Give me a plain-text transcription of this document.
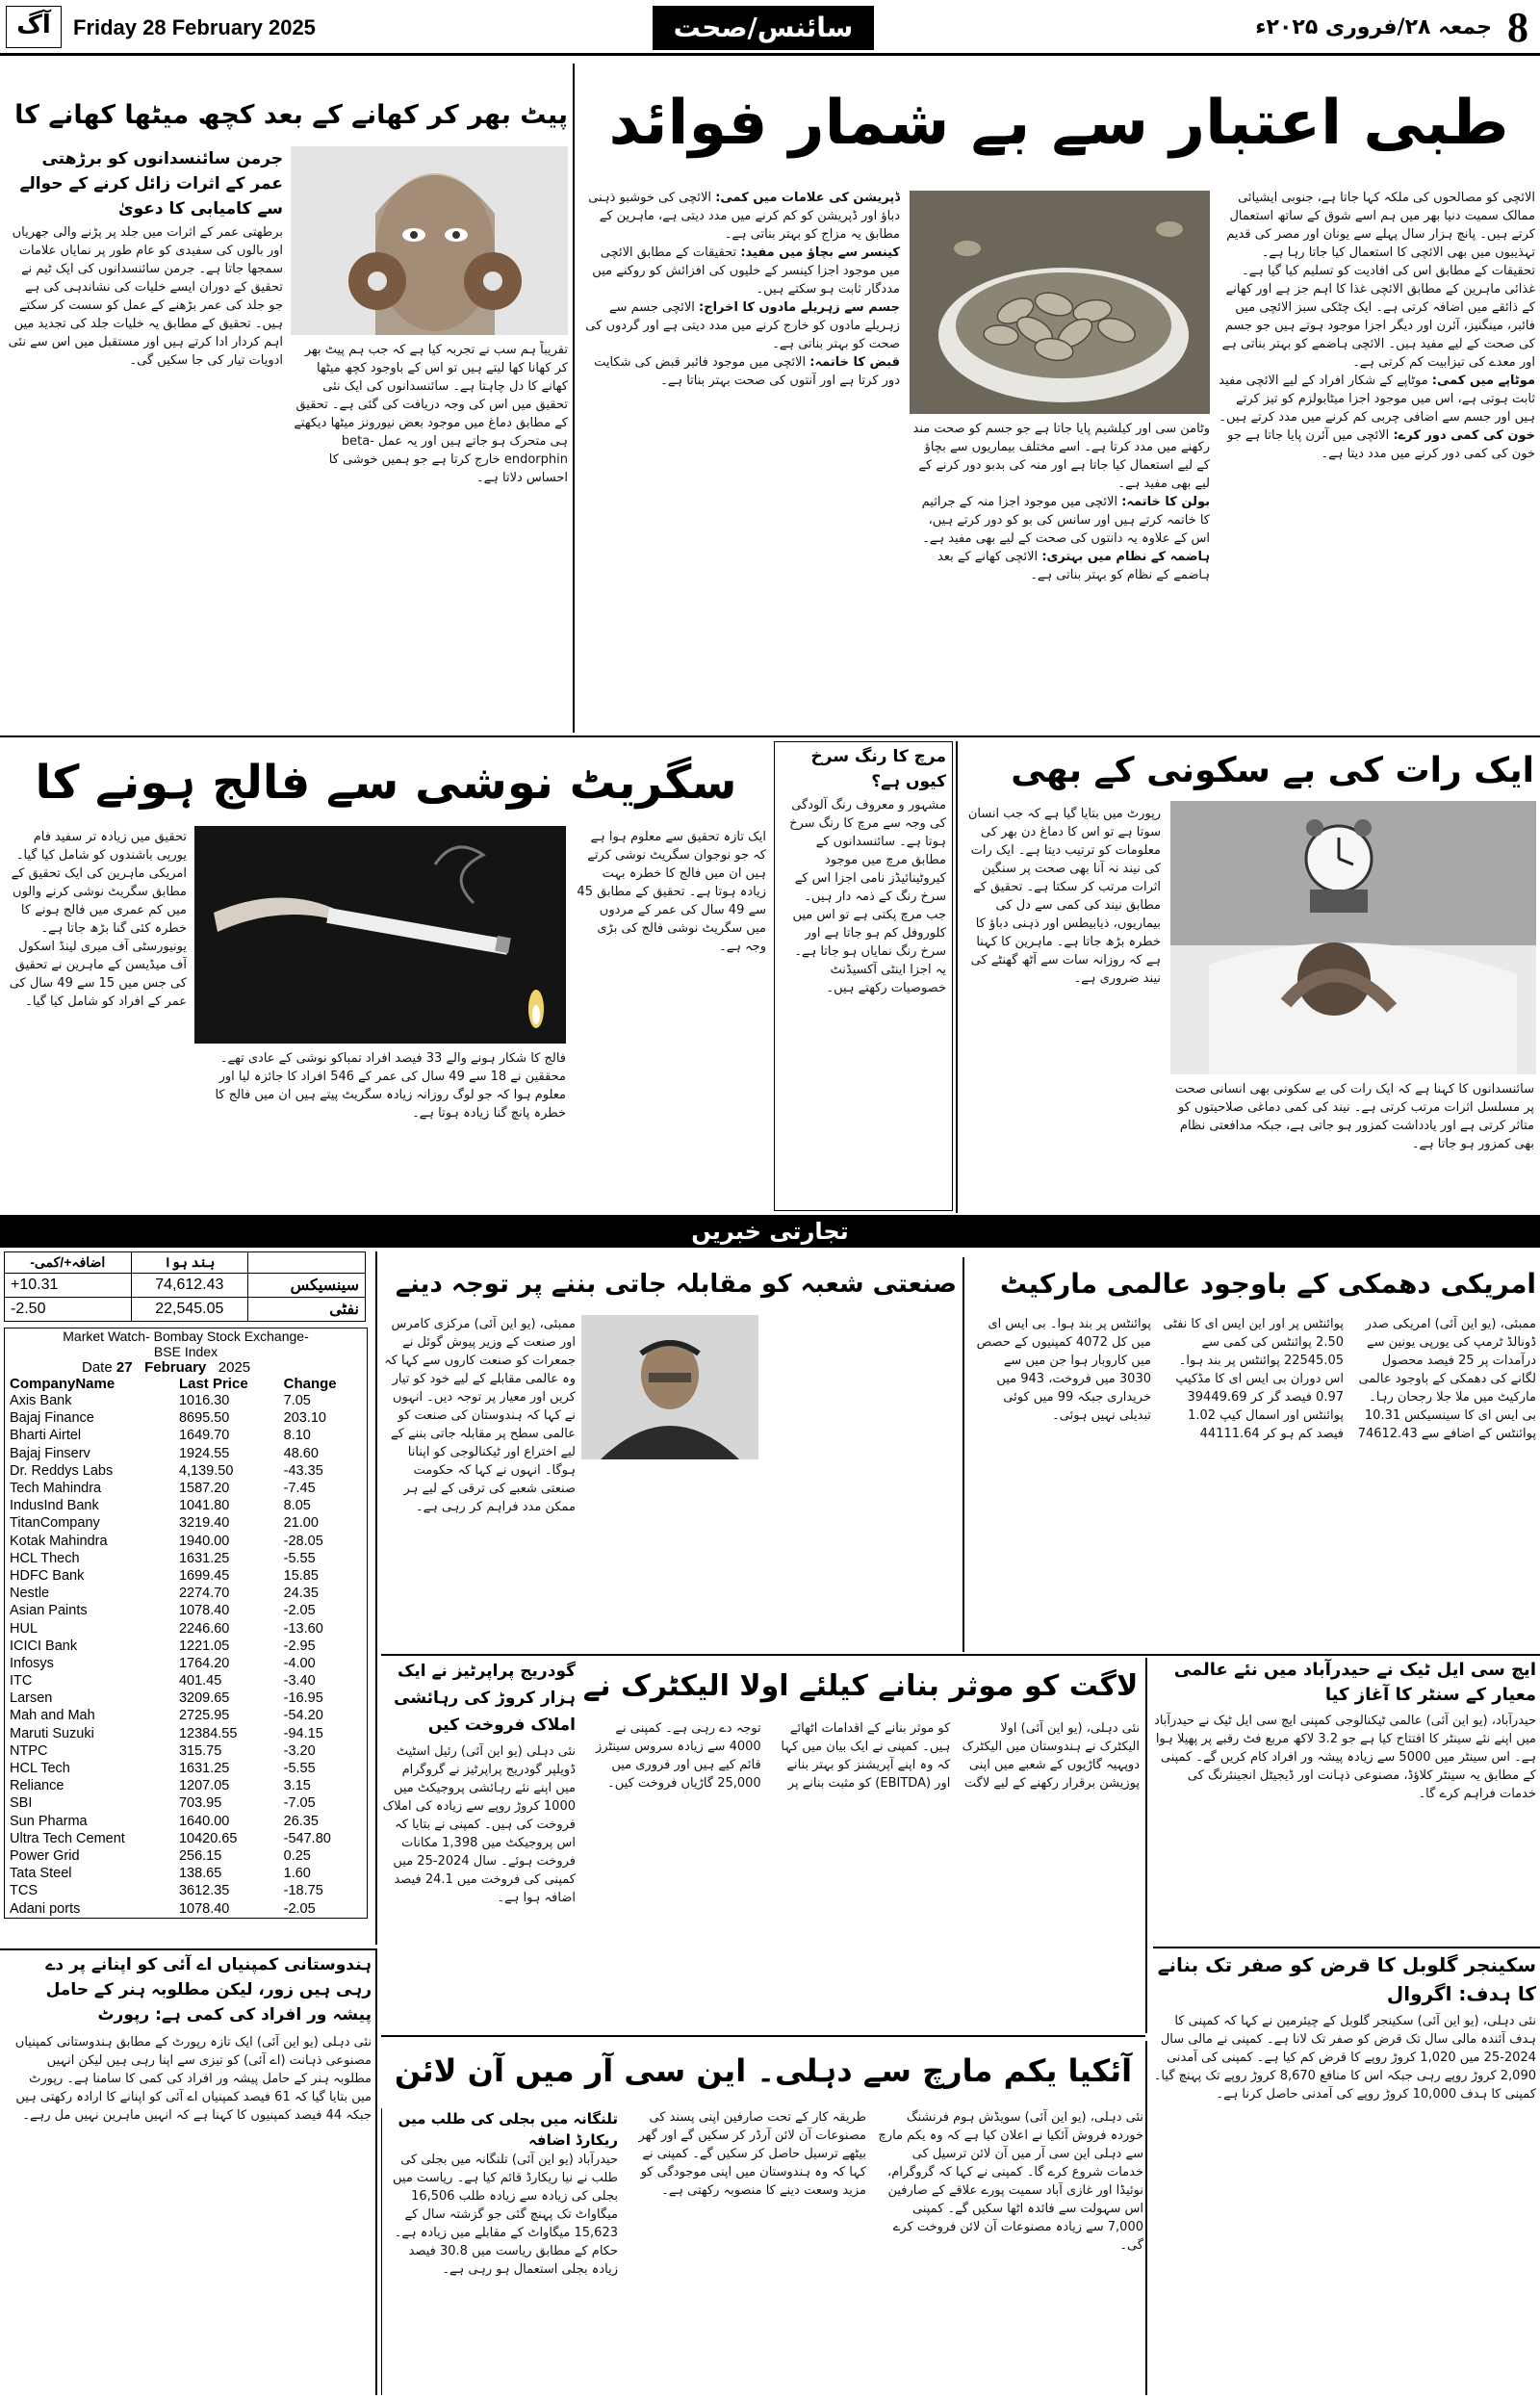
آگ	Friday 28 February 2025	سائنس/صحت	جمعہ ۲۸/فروری ۲۰۲۵ء 8
طبی اعتبار سے بے شمار فوائد
الائچی کو مصالحوں کی ملکہ کہا جاتا ہے، جنوبی ایشیائی ممالک سمیت دنیا بھر میں ہم اسے شوق کے ساتھ استعمال کرتے ہیں۔ پانچ ہزار سال پہلے سے یونان اور مصر کی قدیم تہذیبوں میں بھی الائچی کا استعمال کیا جاتا رہا ہے۔ تحقیقات کے مطابق اس کی افادیت کو تسلیم کیا گیا ہے۔ غذائی ماہرین کے مطابق الائچی غذا کا اہم جز ہے اور کھانے کے ذائقے میں اضافہ کرتی ہے۔ ایک چٹکی سبز الائچی میں فائبر، مینگنیز، آئرن اور دیگر اجزا موجود ہوتے ہیں جو جسم کی صحت کے لیے مفید ہیں۔ الائچی ہاضمے کو بہتر بناتی ہے اور معدے کی تیزابیت کم کرتی ہے۔
موٹاپے میں کمی: موٹاپے کے شکار افراد کے لیے الائچی مفید ثابت ہوتی ہے، اس میں موجود اجزا میٹابولزم کو تیز کرتے ہیں اور جسم سے اضافی چربی کم کرنے میں مدد کرتے ہیں۔
خون کی کمی دور کرے: الائچی میں آئرن پایا جاتا ہے جو خون کی کمی دور کرنے میں مدد دیتا ہے۔
وٹامن سی اور کیلشیم پایا جاتا ہے جو جسم کو صحت مند رکھنے میں مدد کرتا ہے۔ اسے مختلف بیماریوں سے بچاؤ کے لیے استعمال کیا جاتا ہے اور منہ کی بدبو دور کرنے کے لیے بھی مفید ہے۔
بولن کا خاتمہ: الائچی میں موجود اجزا منہ کے جراثیم کا خاتمہ کرتے ہیں اور سانس کی بو کو دور کرتے ہیں، اس کے علاوہ یہ دانتوں کی صحت کے لیے بھی مفید ہے۔
ہاضمہ کے نظام میں بہتری: الائچی کھانے کے بعد ہاضمے کے نظام کو بہتر بناتی ہے۔
ڈپریشن کی علامات میں کمی: الائچی کی خوشبو ذہنی دباؤ اور ڈپریشن کو کم کرنے میں مدد دیتی ہے، ماہرین کے مطابق یہ مزاج کو بہتر بناتی ہے۔
کینسر سے بچاؤ میں مفید: تحقیقات کے مطابق الائچی میں موجود اجزا کینسر کے خلیوں کی افزائش کو روکنے میں مددگار ثابت ہو سکتے ہیں۔
جسم سے زہریلے مادوں کا اخراج: الائچی جسم سے زہریلے مادوں کو خارج کرنے میں مدد دیتی ہے اور گردوں کی صحت کو بہتر بناتی ہے۔
قبض کا خاتمہ: الائچی میں موجود فائبر قبض کی شکایت دور کرتا ہے اور آنتوں کی صحت بہتر بناتا ہے۔
پیٹ بھر کر کھانے کے بعد کچھ میٹھا کھانے کا
جرمن سائنسدانوں کو برڑھتی عمر کے اثرات زائل کرنے کے حوالے سے کامیابی کا دعویٰ
برطھتی عمر کے اثرات میں جلد پر پڑنے والی جھریاں اور بالوں کی سفیدی کو عام طور پر نمایاں علامات سمجھا جاتا ہے۔ جرمن سائنسدانوں کی ایک ٹیم نے تحقیق کے دوران ایسے خلیات کی نشاندہی کی ہے جو جلد کی عمر بڑھنے کے عمل کو سست کر سکتے ہیں۔ تحقیق کے مطابق یہ خلیات جلد کی تجدید میں اہم کردار ادا کرتے ہیں اور مستقبل میں اس سے نئی ادویات تیار کی جا سکیں گی۔
تقریباً ہم سب نے تجربہ کیا ہے کہ جب ہم پیٹ بھر کر کھانا کھا لیتے ہیں تو اس کے باوجود کچھ میٹھا کھانے کا دل چاہتا ہے۔ سائنسدانوں کی ایک نئی تحقیق میں اس کی وجہ دریافت کی گئی ہے۔ تحقیق کے مطابق دماغ میں موجود بعض نیورونز میٹھا دیکھتے ہی متحرک ہو جاتے ہیں اور یہ عمل beta-endorphin خارج کرتا ہے جو ہمیں خوشی کا احساس دلاتا ہے۔
ایک رات کی بے سکونی کے بھی
رپورٹ میں بتایا گیا ہے کہ جب انسان سوتا ہے تو اس کا دماغ دن بھر کی معلومات کو ترتیب دیتا ہے۔ ایک رات کی نیند نہ آنا بھی صحت پر سنگین اثرات مرتب کر سکتا ہے۔ تحقیق کے مطابق نیند کی کمی سے دل کی بیماریوں، ذیابیطس اور ذہنی دباؤ کا خطرہ بڑھ جاتا ہے۔ ماہرین کا کہنا ہے کہ روزانہ سات سے آٹھ گھنٹے کی نیند ضروری ہے۔
سائنسدانوں کا کہنا ہے کہ ایک رات کی بے سکونی بھی انسانی صحت پر مسلسل اثرات مرتب کرتی ہے۔ نیند کی کمی دماغی صلاحیتوں کو متاثر کرتی ہے اور یادداشت کمزور ہو جاتی ہے، جبکہ مدافعتی نظام بھی کمزور ہو جاتا ہے۔
مرچ کا رنگ سرخ کیوں ہے؟
مشہور و معروف رنگ آلودگی کی وجہ سے مرچ کا رنگ سرخ ہوتا ہے۔ سائنسدانوں کے مطابق مرچ میں موجود کیروٹینائیڈز نامی اجزا اس کے سرخ رنگ کے ذمہ دار ہیں۔ جب مرچ پکتی ہے تو اس میں کلوروفل کم ہو جاتا ہے اور سرخ رنگ نمایاں ہو جاتا ہے۔ یہ اجزا اینٹی آکسیڈنٹ خصوصیات رکھتے ہیں۔
سگریٹ نوشی سے فالج ہونے کا
تحقیق میں زیادہ تر سفید فام یورپی باشندوں کو شامل کیا گیا۔ امریکی ماہرین کی ایک تحقیق کے مطابق سگریٹ نوشی کرنے والوں میں کم عمری میں فالج ہونے کا خطرہ کئی گنا بڑھ جاتا ہے۔ یونیورسٹی آف میری لینڈ اسکول آف میڈیسن کے ماہرین نے تحقیق کی جس میں 15 سے 49 سال کی عمر کے افراد کو شامل کیا گیا۔
فالج کا شکار ہونے والے 33 فیصد افراد تمباکو نوشی کے عادی تھے۔ محققین نے 18 سے 49 سال کی عمر کے 546 افراد کا جائزہ لیا اور معلوم ہوا کہ جو لوگ روزانہ زیادہ سگریٹ پیتے ہیں ان میں فالج کا خطرہ پانچ گنا زیادہ ہوتا ہے۔
ایک تازہ تحقیق سے معلوم ہوا ہے کہ جو نوجوان سگریٹ نوشی کرتے ہیں ان میں فالج کا خطرہ بہت زیادہ ہوتا ہے۔ تحقیق کے مطابق 45 سے 49 سال کی عمر کے مردوں میں سگریٹ نوشی فالج کی بڑی وجہ ہے۔
تجارتی خبریں
اضافہ+/کمی-	بند ہوا	
+10.31	74,612.43	سینسیکس
-2.50	22,545.05	نفٹی
Market Watch- Bombay Stock Exchange-
BSE Index
Date 27 February 2025
CompanyName	Last Price	Change
Axis Bank	1016.30	7.05
Bajaj Finance	8695.50	203.10
Bharti Airtel	1649.70	8.10
Bajaj Finserv	1924.55	48.60
Dr. Reddys Labs	4,139.50	-43.35
Tech Mahindra	1587.20	-7.45
IndusInd Bank	1041.80	8.05
TitanCompany	3219.40	21.00
Kotak Mahindra	1940.00	-28.05
HCL Thech	1631.25	-5.55
HDFC Bank	1699.45	15.85
Nestle	2274.70	24.35
Asian Paints	1078.40	-2.05
HUL	2246.60	-13.60
ICICI Bank	1221.05	-2.95
Infosys	1764.20	-4.00
ITC	401.45	-3.40
Larsen	3209.65	-16.95
Mah and Mah	2725.95	-54.20
Maruti Suzuki	12384.55	-94.15
NTPC	315.75	-3.20
HCL Tech	1631.25	-5.55
Reliance	1207.05	3.15
SBI	703.95	-7.05
Sun Pharma	1640.00	26.35
Ultra Tech Cement	10420.65	-547.80
Power Grid	256.15	0.25
Tata Steel	138.65	1.60
TCS	3612.35	-18.75
Adani ports	1078.40	-2.05
امریکی دھمکی کے باوجود عالمی مارکیٹ
ممبئی، (یو این آئی) امریکی صدر ڈونالڈ ٹرمپ کی یورپی یونین سے درآمدات پر 25 فیصد محصول لگانے کی دھمکی کے باوجود عالمی مارکیٹ میں ملا جلا رجحان رہا۔ بی ایس ای کا سینسیکس 10.31 پوائنٹس کے اضافے سے 74612.43 پوائنٹس پر اور این ایس ای کا نفٹی 2.50 پوائنٹس کی کمی سے 22545.05 پوائنٹس پر بند ہوا۔ اس دوران بی ایس ای کا مڈکیپ 0.97 فیصد گر کر 39449.69 پوائنٹس اور اسمال کیپ 1.02 فیصد کم ہو کر 44111.64 پوائنٹس پر بند ہوا۔ بی ایس ای میں کل 4072 کمپنیوں کے حصص میں کاروبار ہوا جن میں سے 3030 میں فروخت، 943 میں خریداری جبکہ 99 میں کوئی تبدیلی نہیں ہوئی۔
صنعتی شعبہ کو مقابلہ جاتی بننے پر توجہ دینے
ممبئی، (یو این آئی) مرکزی کامرس اور صنعت کے وزیر پیوش گوئل نے جمعرات کو صنعت کاروں سے کہا کہ وہ عالمی مقابلے کے لیے خود کو تیار کریں اور معیار پر توجہ دیں۔ انہوں نے کہا کہ ہندوستان کی صنعت کو عالمی سطح پر مقابلہ جاتی بننے کے لیے اختراع اور ٹیکنالوجی کو اپنانا ہوگا۔ انہوں نے کہا کہ حکومت صنعتی شعبے کی ترقی کے لیے ہر ممکن مدد فراہم کر رہی ہے۔
گودریج پراپرٹیز نے ایک ہزار کروڑ کی رہائشی املاک فروخت کیں
نئی دہلی (یو این آئی) رئیل اسٹیٹ ڈویلپر گودریج پراپرٹیز نے گروگرام میں اپنے نئے رہائشی پروجیکٹ میں 1000 کروڑ روپے سے زیادہ کی املاک فروخت کی ہیں۔ کمپنی نے بتایا کہ اس پروجیکٹ میں 1,398 مکانات فروخت ہوئے۔ سال 2024-25 میں کمپنی کی فروخت میں 24.1 فیصد اضافہ ہوا ہے۔
لاگت کو موثر بنانے کیلئے اولا الیکٹرک نے
نئی دہلی، (یو این آئی) اولا الیکٹرک نے ہندوستان میں الیکٹرک دوپہیہ گاڑیوں کے شعبے میں اپنی پوزیشن برقرار رکھنے کے لیے لاگت کو موثر بنانے کے اقدامات اٹھائے ہیں۔ کمپنی نے ایک بیان میں کہا کہ وہ اپنے آپریشنز کو بہتر بنانے اور (EBITDA) کو مثبت بنانے پر توجہ دے رہی ہے۔ کمپنی نے 4000 سے زیادہ سروس سینٹرز قائم کیے ہیں اور فروری میں 25,000 گاڑیاں فروخت کیں۔
ایچ سی ایل ٹیک نے حیدرآباد میں نئے عالمی معیار کے سنٹر کا آغاز کیا
حیدرآباد، (یو این آئی) عالمی ٹیکنالوجی کمپنی ایچ سی ایل ٹیک نے حیدرآباد میں اپنے نئے سینٹر کا افتتاح کیا ہے جو 3.2 لاکھ مربع فٹ رقبے پر پھیلا ہوا ہے۔ اس سینٹر میں 5000 سے زیادہ پیشہ ور افراد کام کریں گے۔ کمپنی کے مطابق یہ سینٹر کلاؤڈ، مصنوعی ذہانت اور ڈیجیٹل انجینئرنگ کی خدمات فراہم کرے گا۔
سکینجر گلوبل کا قرض کو صفر تک بنانے کا ہدف: اگروال
نئی دہلی، (یو این آئی) سکینجر گلوبل کے چیئرمین نے کہا کہ کمپنی کا ہدف آئندہ مالی سال تک قرض کو صفر تک لانا ہے۔ کمپنی نے مالی سال 2024-25 میں 1,020 کروڑ روپے کا قرض کم کیا ہے۔ کمپنی کی آمدنی 2,090 کروڑ روپے رہی جبکہ اس کا منافع 8,670 کروڑ روپے تک پہنچ گیا۔ کمپنی کا ہدف 10,000 کروڑ روپے کی آمدنی حاصل کرنا ہے۔
ہندوستانی کمپنیاں اے آئی کو اپنانے پر دے رہی ہیں زور، لیکن مطلوبہ ہنر کے حامل پیشہ ور افراد کی کمی ہے: رپورٹ
نئی دہلی (یو این آئی) ایک تازہ رپورٹ کے مطابق ہندوستانی کمپنیاں مصنوعی ذہانت (اے آئی) کو تیزی سے اپنا رہی ہیں لیکن انہیں مطلوبہ ہنر کے حامل پیشہ ور افراد کی کمی کا سامنا ہے۔ رپورٹ میں بتایا گیا کہ 61 فیصد کمپنیاں اے آئی کو اپنانے کا ارادہ رکھتی ہیں جبکہ 44 فیصد کمپنیوں کا کہنا ہے کہ انہیں ماہرین نہیں مل رہے۔
آئکیا یکم مارچ سے دہلی۔ این سی آر میں آن لائن
نئی دہلی، (یو این آئی) سویڈش ہوم فرنشنگ خوردہ فروش آئکیا نے اعلان کیا ہے کہ وہ یکم مارچ سے دہلی این سی آر میں آن لائن ترسیل کی خدمات شروع کرے گا۔ کمپنی نے کہا کہ گروگرام، نوئیڈا اور غازی آباد سمیت پورے علاقے کے صارفین اس سہولت سے فائدہ اٹھا سکیں گے۔ کمپنی 7,000 سے زیادہ مصنوعات آن لائن فروخت کرے گی۔
طریقہ کار کے تحت صارفین اپنی پسند کی مصنوعات آن لائن آرڈر کر سکیں گے اور گھر بیٹھے ترسیل حاصل کر سکیں گے۔ کمپنی نے کہا کہ وہ ہندوستان میں اپنی موجودگی کو مزید وسعت دینے کا منصوبہ رکھتی ہے۔
تلنگانہ میں بجلی کی طلب میں ریکارڈ اضافہ
حیدرآباد (یو این آئی) تلنگانہ میں بجلی کی طلب نے نیا ریکارڈ قائم کیا ہے۔ ریاست میں بجلی کی زیادہ سے زیادہ طلب 16,506 میگاواٹ تک پہنچ گئی جو گزشتہ سال کے 15,623 میگاواٹ کے مقابلے میں زیادہ ہے۔ حکام کے مطابق ریاست میں 30.8 فیصد زیادہ بجلی استعمال ہو رہی ہے۔
